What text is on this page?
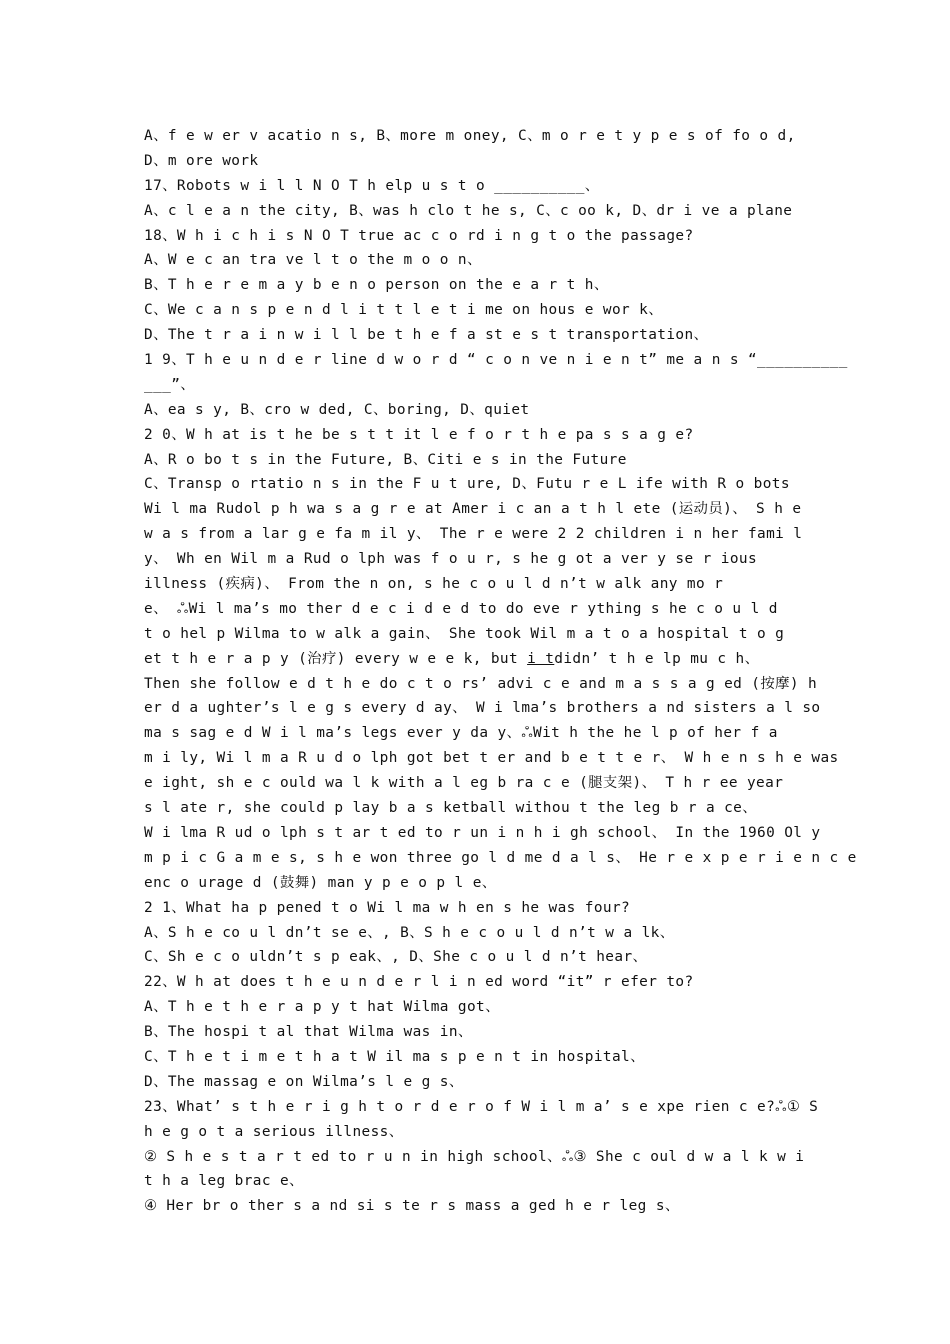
A、f e w er v acatio n s, B、more m oney, C、m o r e t y p e s of fo o d,
D、m ore work
17、Robots w i l l N O T h elp u s t o __________、
A、c l e a n the city, B、was h clo t he s, C、c oo k, D、dr i ve a plane
18、W h i c h i s N O T true ac c o rd i n g t o the passage?
A、W e c an tra ve l t o the m o o n、
B、T h e r e m a y b e n o person on the e a r t h、
C、We c a n s p e n d l i t t l e t i me on hous e wor k、
D、The t r a i n w i l l be t h e f a st e s t transportation、
1 9、T h e u n d e r line d w o r d “ c o n ve n i e n t” me a n s “__________
___”、
A、ea s y, B、cro w ded, C、boring, D、quiet
2 0、W h at is t he be s t t it l e f o r t h e pa s s a g e?
A、R o bo t s in the Future, B、Citi e s in the Future
C、Transp o rtatio n s in the F u t ure, D、Futu r e L ife with R o bots
Wi l ma Rudol p h wa s a g r e at Amer i c an a t h l ete (运动员)、 S h e
w a s from a lar g e fa m il y、 The r e were 2 2 children i n her fami l
y、 Wh en Wil m a Rud o lph was f o u r, s he g ot a ver y se r ious
illness (疾病)、 From the n on, s he c o u l d n’t w alk any mo r
e、 ஃWi l ma’s mo ther d e c i d e d to do eve r ything s he c o u l d
t o hel p Wilma to w alk a gain、 She took Wil m a t o a hospital t o g
et t h e r a p y (治疗) every w e e k, but i tdidn’ t h e lp mu c h、
Then she follow e d t h e do c t o rs’ advi c e and m a s s a g ed (按摩) h
er d a ughter’s l e g s every d ay、 W i lma’s brothers a nd sisters a l so
ma s sag e d W i l ma’s legs ever y da y、ஃWit h the he l p of her f a
m i ly, Wi l m a R u d o lph got bet t er and b e t t e r、 W h e n s h e was
e ight, sh e c ould wa l k with a l eg b ra c e (腿支架)、 T h r ee year
s l ate r, she could p lay b a s ketball withou t the leg b r a ce、
W i lma R ud o lph s t ar t ed to r un i n h i gh school、 In the 1960 Ol y
m p i c G a m e s, s h e won three go l d me d a l s、 He r e x p e r i e n c e
enc o urage d (鼓舞) man y p e o p l e、
2 1、What ha p pened t o Wi l ma w h en s he was four?
A、S h e co u l dn’t se e、, B、S h e c o u l d n’t w a lk、
C、Sh e c o uldn’t s p eak、, D、She c o u l d n’t hear、
22、W h at does t h e u n d e r l i n ed word “it” r efer to?
A、T h e t h e r a p y t hat Wilma got、
B、The hospi t al that Wilma was in、
C、T h e t i m e t h a t W il ma s p e n t in hospital、
D、The massag e on Wilma’s l e g s、
23、What’ s t h e r i g h t o r d e r o f W i l m a’ s e xpe rien c e?ஃ① S
h e g o t a serious illness、
② S h e s t a r t ed to r u n in high school、ஃ③ She c oul d w a l k w i
t h a leg brac e、
④ Her br o ther s a nd si s te r s mass a ged h e r leg s、
